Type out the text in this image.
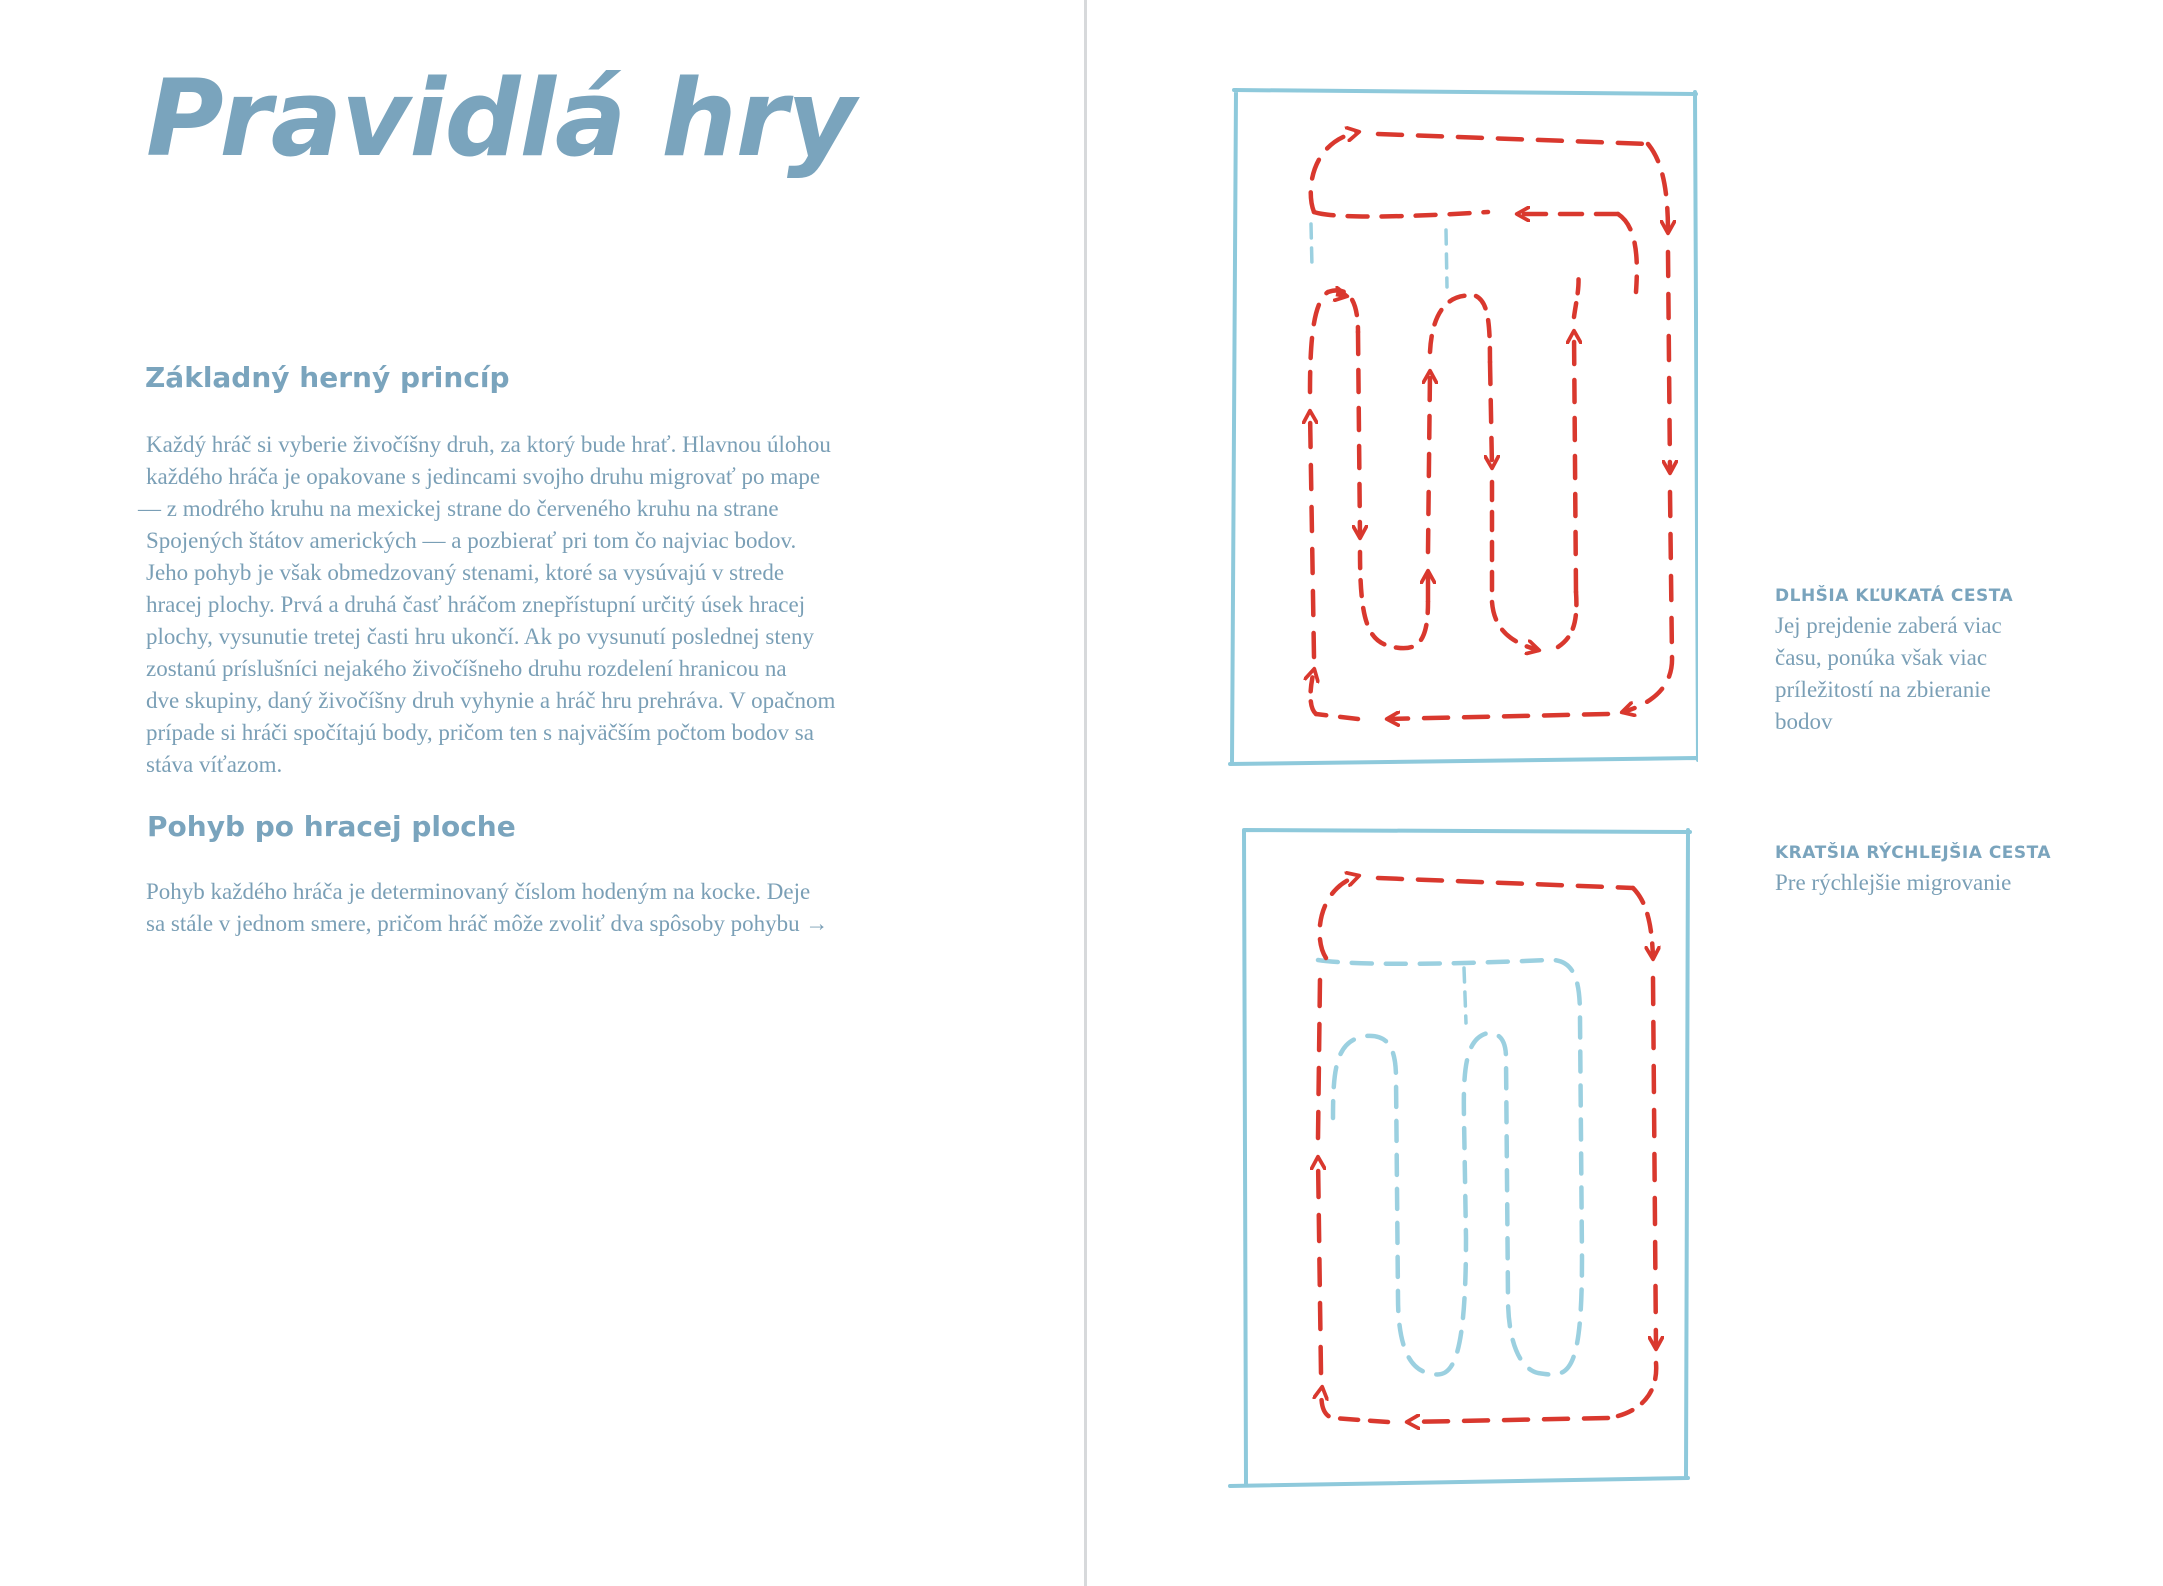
Pravidlá hry
Základný herný princíp
Každý hráč si vyberie živočíšny druh, za ktorý bude hrať. Hlavnou úlohou
každého hráča je opakovane s jedincami svojho druhu migrovať po mape
— z modrého kruhu na mexickej strane do červeného kruhu na strane
Spojených štátov amerických — a pozbierať pri tom čo najviac bodov.
Jeho pohyb je však obmedzovaný stenami, ktoré sa vysúvajú v strede
hracej plochy. Prvá a druhá časť hráčom znepřístupní určitý úsek hracej
plochy, vysunutie tretej časti hru ukončí. Ak po vysunutí poslednej steny
zostanú príslušníci nejakého živočíšneho druhu rozdelení hranicou na
dve skupiny, daný živočíšny druh vyhynie a hráč hru prehráva. V opačnom
prípade si hráči spočítajú body, pričom ten s najväčším počtom bodov sa
stáva víťazom.
Pohyb po hracej ploche
Pohyb každého hráča je determinovaný číslom hodeným na kocke. Deje
sa stále v jednom smere, pričom hráč môže zvoliť dva spôsoby pohybu →

DLHŠIA KĽUKATÁ CESTA

Jej prejdenie zaberá viac
času, ponúka však viac
príležitostí na zbieranie
bodov

KRATŠIA RÝCHLEJŠIA CESTA

Pre rýchlejšie migrovanie
